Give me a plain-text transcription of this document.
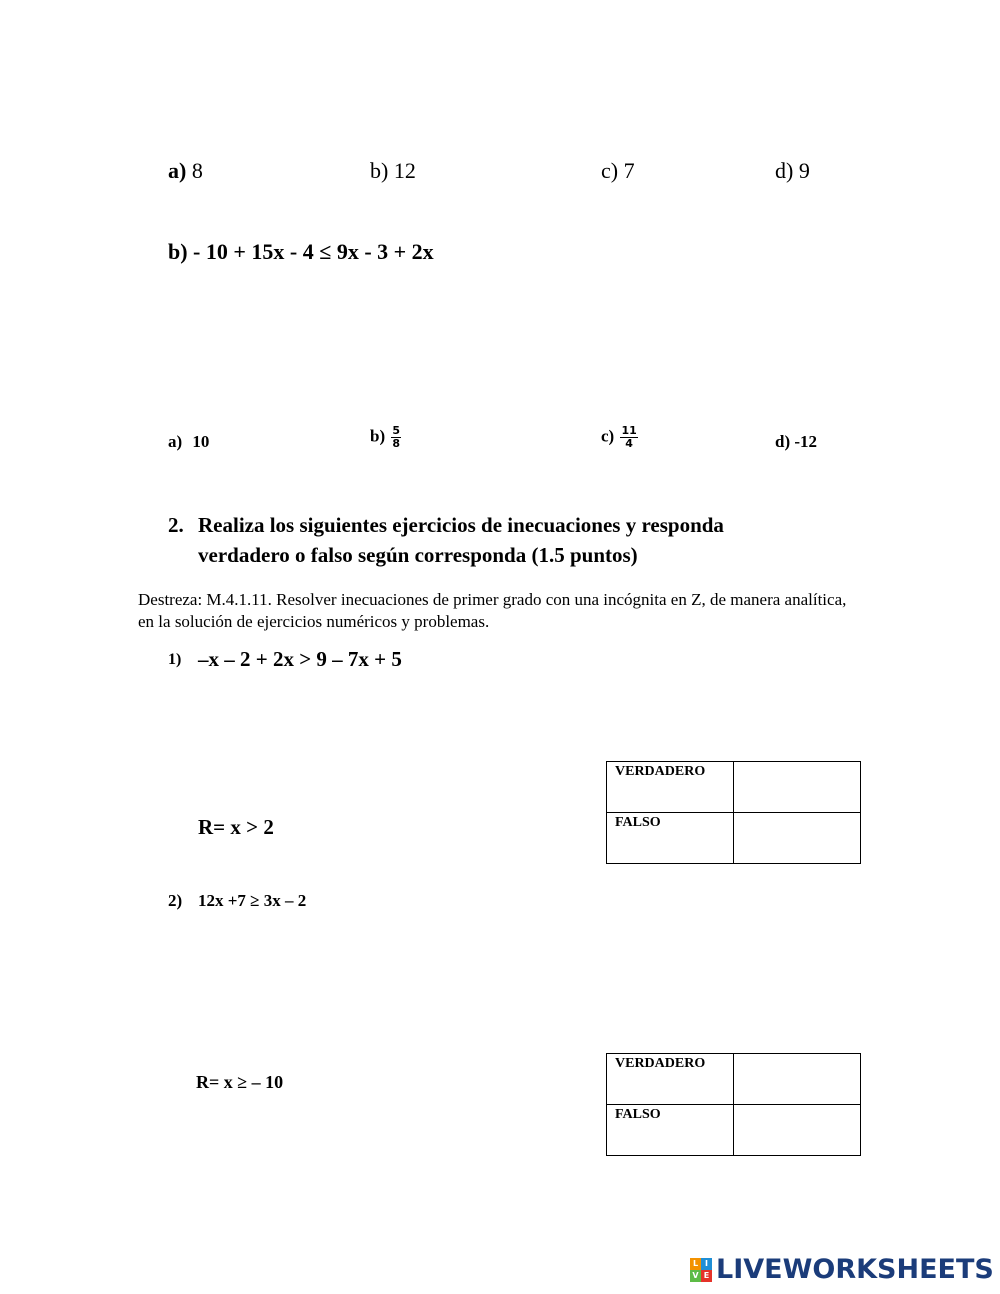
a) 8	b) 12	c) 7	d) 9
b) - 10 + 15x - 4 ≤ 9x - 3 + 2x
a) 10	$b) \frac{5}{8}$	$c) \frac{11}{4}$	d) -12
2. Realiza los siguientes ejercicios de inecuaciones y responda
verdadero o falso según corresponda (1.5 puntos)
Destreza: M.4.1.11. Resolver inecuaciones de primer grado con una incógnita en Z, de manera analítica, en la solución de ejercicios numéricos y problemas.
1) –x – 2 + 2x > 9 – 7x + 5
R= x > 2
VERDADERO	
FALSO	
2) 12x +7 ≥ 3x – 2
R= x ≥ – 10
VERDADERO	
FALSO	
L I
V E LIVEWORKSHEETS
